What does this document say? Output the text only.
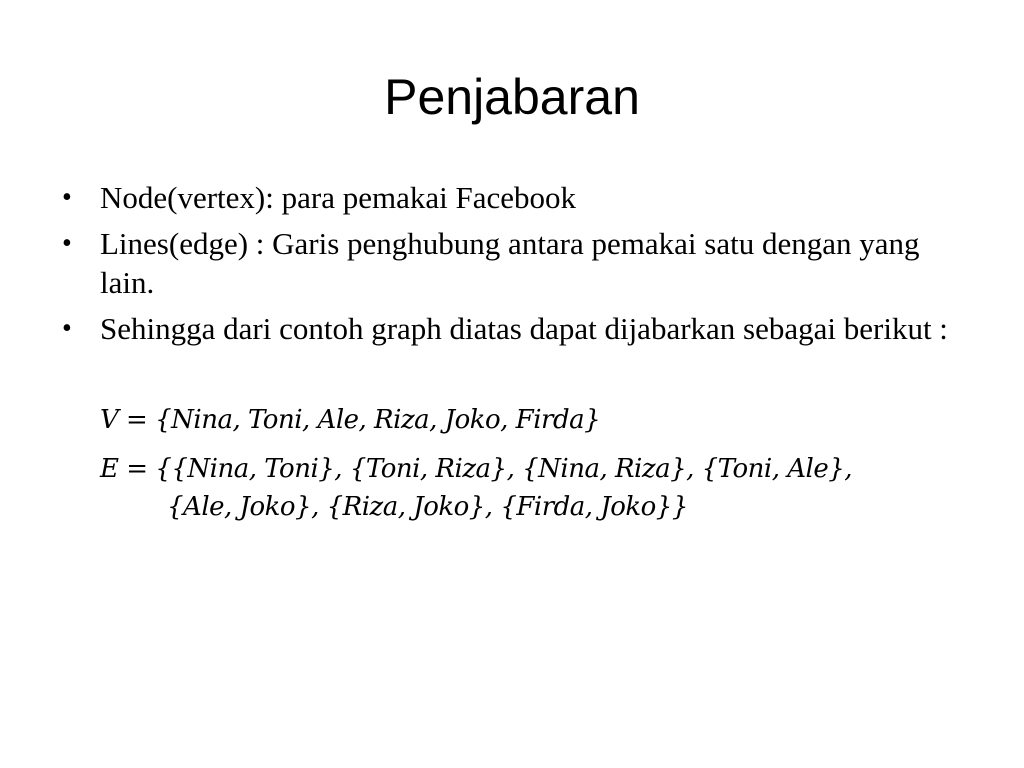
Penjabaran
• Node(vertex): para pemakai Facebook
• Lines(edge) : Garis penghubung antara pemakai satu dengan yang lain.
• Sehingga dari contoh graph diatas dapat dijabarkan sebagai berikut :
V = {Nina, Toni, Ale, Riza, Joko, Firda}
E = {{Nina, Toni}, {Toni, Riza}, {Nina, Riza}, {Toni, Ale},
{Ale, Joko}, {Riza, Joko}, {Firda, Joko}}
